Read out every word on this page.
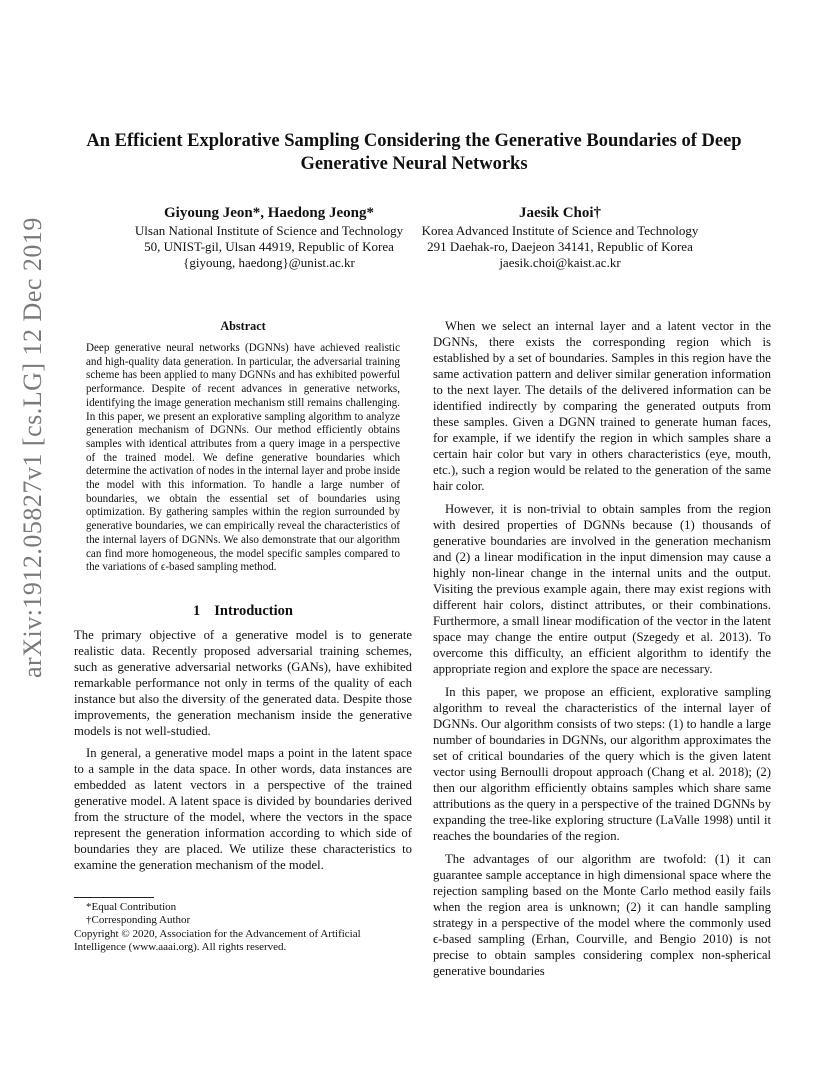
arXiv:1912.05827v1 [cs.LG] 12 Dec 2019
An Efficient Explorative Sampling Considering the Generative Boundaries of Deep Generative Neural Networks
Giyoung Jeon*, Haedong Jeong*
Ulsan National Institute of Science and Technology
50, UNIST-gil, Ulsan 44919, Republic of Korea
{giyoung, haedong}@unist.ac.kr
Jaesik Choi†
Korea Advanced Institute of Science and Technology
291 Daehak-ro, Daejeon 34141, Republic of Korea
jaesik.choi@kaist.ac.kr
Abstract
Deep generative neural networks (DGNNs) have achieved realistic and high-quality data generation. In particular, the adversarial training scheme has been applied to many DGNNs and has exhibited powerful performance. Despite of recent advances in generative networks, identifying the image generation mechanism still remains challenging. In this paper, we present an explorative sampling algorithm to analyze generation mechanism of DGNNs. Our method efficiently obtains samples with identical attributes from a query image in a perspective of the trained model. We define generative boundaries which determine the activation of nodes in the internal layer and probe inside the model with this information. To handle a large number of boundaries, we obtain the essential set of boundaries using optimization. By gathering samples within the region surrounded by generative boundaries, we can empirically reveal the characteristics of the internal layers of DGNNs. We also demonstrate that our algorithm can find more homogeneous, the model specific samples compared to the variations of ϵ-based sampling method.
1 Introduction

The primary objective of a generative model is to generate realistic data. Recently proposed adversarial training schemes, such as generative adversarial networks (GANs), have exhibited remarkable performance not only in terms of the quality of each instance but also the diversity of the generated data. Despite those improvements, the generation mechanism inside the generative models is not well-studied.

In general, a generative model maps a point in the latent space to a sample in the data space. In other words, data instances are embedded as latent vectors in a perspective of the trained generative model. A latent space is divided by boundaries derived from the structure of the model, where the vectors in the space represent the generation information according to which side of boundaries they are placed. We utilize these characteristics to examine the generation mechanism of the model.

*Equal Contribution

†Corresponding Author

Copyright © 2020, Association for the Advancement of Artificial Intelligence (www.aaai.org). All rights reserved.

When we select an internal layer and a latent vector in the DGNNs, there exists the corresponding region which is established by a set of boundaries. Samples in this region have the same activation pattern and deliver similar generation information to the next layer. The details of the delivered information can be identified indirectly by comparing the generated outputs from these samples. Given a DGNN trained to generate human faces, for example, if we identify the region in which samples share a certain hair color but vary in others characteristics (eye, mouth, etc.), such a region would be related to the generation of the same hair color.

However, it is non-trivial to obtain samples from the region with desired properties of DGNNs because (1) thousands of generative boundaries are involved in the generation mechanism and (2) a linear modification in the input dimension may cause a highly non-linear change in the internal units and the output. Visiting the previous example again, there may exist regions with different hair colors, distinct attributes, or their combinations. Furthermore, a small linear modification of the vector in the latent space may change the entire output (Szegedy et al. 2013). To overcome this difficulty, an efficient algorithm to identify the appropriate region and explore the space are necessary.

In this paper, we propose an efficient, explorative sampling algorithm to reveal the characteristics of the internal layer of DGNNs. Our algorithm consists of two steps: (1) to handle a large number of boundaries in DGNNs, our algorithm approximates the set of critical boundaries of the query which is the given latent vector using Bernoulli dropout approach (Chang et al. 2018); (2) then our algorithm efficiently obtains samples which share same attributions as the query in a perspective of the trained DGNNs by expanding the tree-like exploring structure (LaValle 1998) until it reaches the boundaries of the region.

The advantages of our algorithm are twofold: (1) it can guarantee sample acceptance in high dimensional space where the rejection sampling based on the Monte Carlo method easily fails when the region area is unknown; (2) it can handle sampling strategy in a perspective of the model where the commonly used ϵ-based sampling (Erhan, Courville, and Bengio 2010) is not precise to obtain samples considering complex non-spherical generative boundaries
